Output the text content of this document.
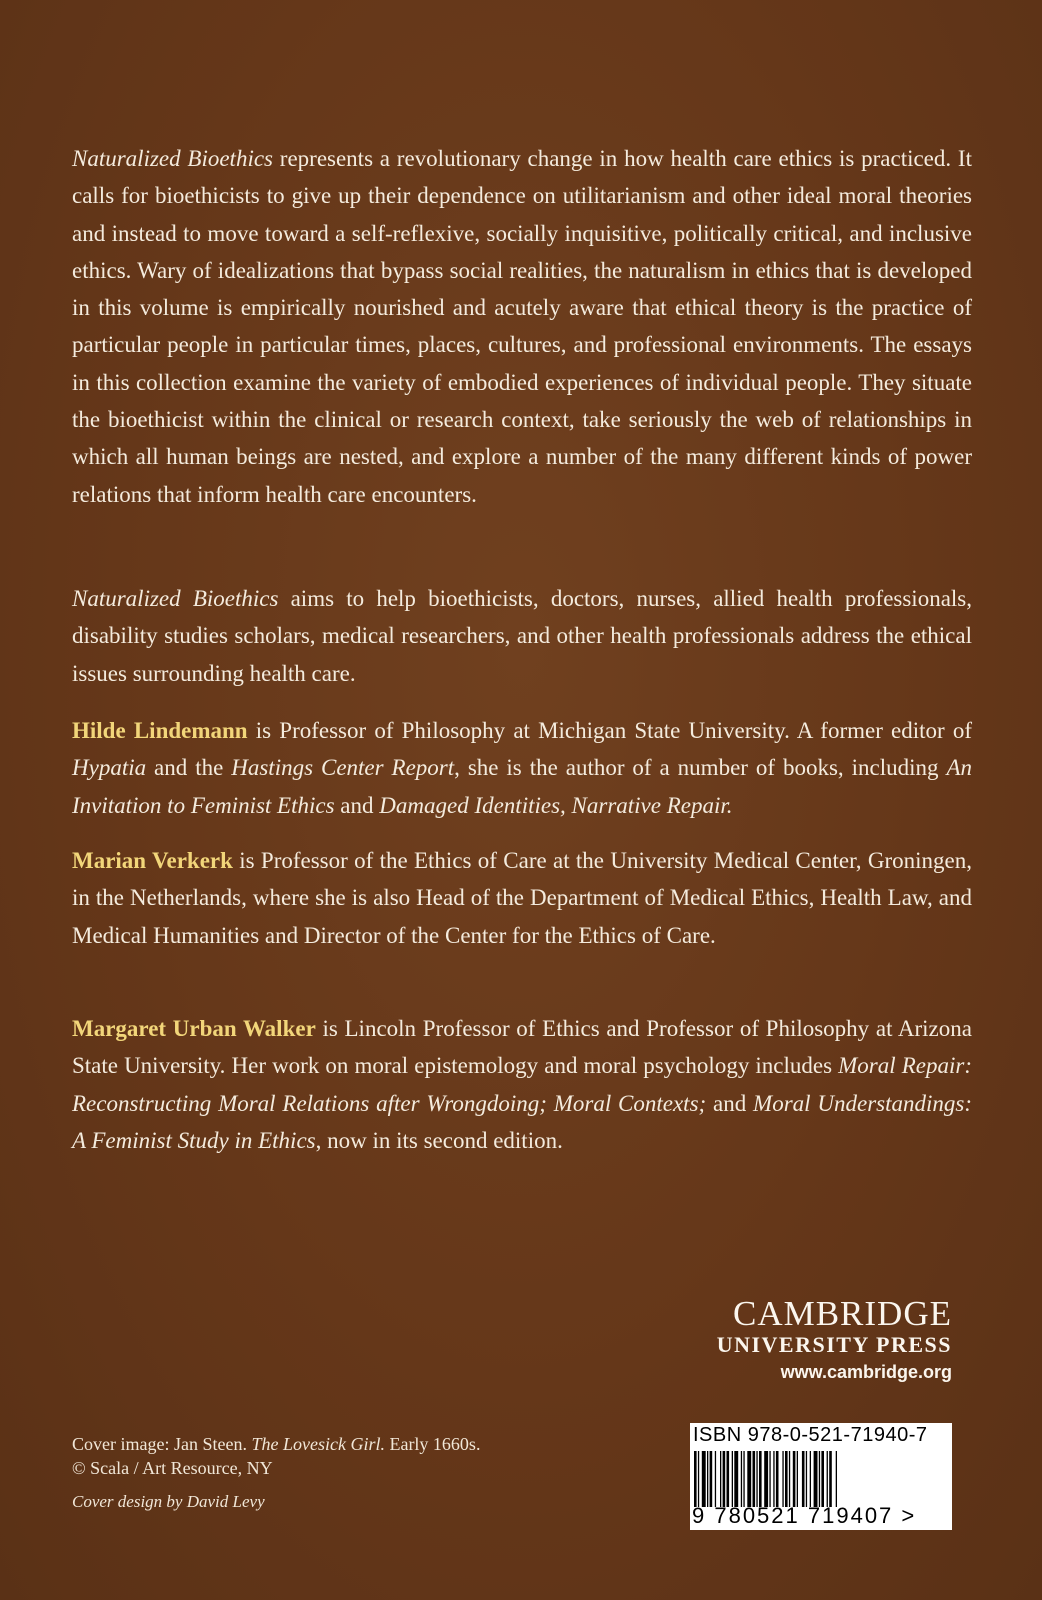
Naturalized Bioethics represents a revolutionary change in how health care ethics is practiced. It calls for bioethicists to give up their dependence on utilitarianism and other ideal moral theories and instead to move toward a self-reflexive, socially inquisitive, politically critical, and inclusive ethics. Wary of idealizations that bypass social realities, the naturalism in ethics that is developed in this volume is empirically nourished and acutely aware that ethical theory is the practice of particular people in particular times, places, cultures, and professional environments. The essays in this collection examine the variety of embodied experiences of individual people. They situate the bioethicist within the clinical or research context, take seriously the web of relationships in which all human beings are nested, and explore a number of the many different kinds of power relations that inform health care encounters.

Naturalized Bioethics aims to help bioethicists, doctors, nurses, allied health professionals, disability studies scholars, medical researchers, and other health professionals address the ethical issues surrounding health care.

Hilde Lindemann is Professor of Philosophy at Michigan State University. A former editor of Hypatia and the Hastings Center Report, she is the author of a number of books, including An Invitation to Feminist Ethics and Damaged Identities, Narrative Repair.

Marian Verkerk is Professor of the Ethics of Care at the University Medical Center, Groningen, in the Netherlands, where she is also Head of the Department of Medical Ethics, Health Law, and Medical Humanities and Director of the Center for the Ethics of Care.

Margaret Urban Walker is Lincoln Professor of Ethics and Professor of Philosophy at Arizona State University. Her work on moral epistemology and moral psychology includes Moral Repair: Reconstructing Moral Relations after Wrongdoing; Moral Contexts; and Moral Understandings: A Feminist Study in Ethics, now in its second edition.

Cover image: Jan Steen. The Lovesick Girl. Early 1660s.

© Scala / Art Resource, NY

Cover design by David Levy

CAMBRIDGE
UNIVERSITY PRESS
www.cambridge.org
ISBN 978-0-521-71940-7
9 780521 719407 >
